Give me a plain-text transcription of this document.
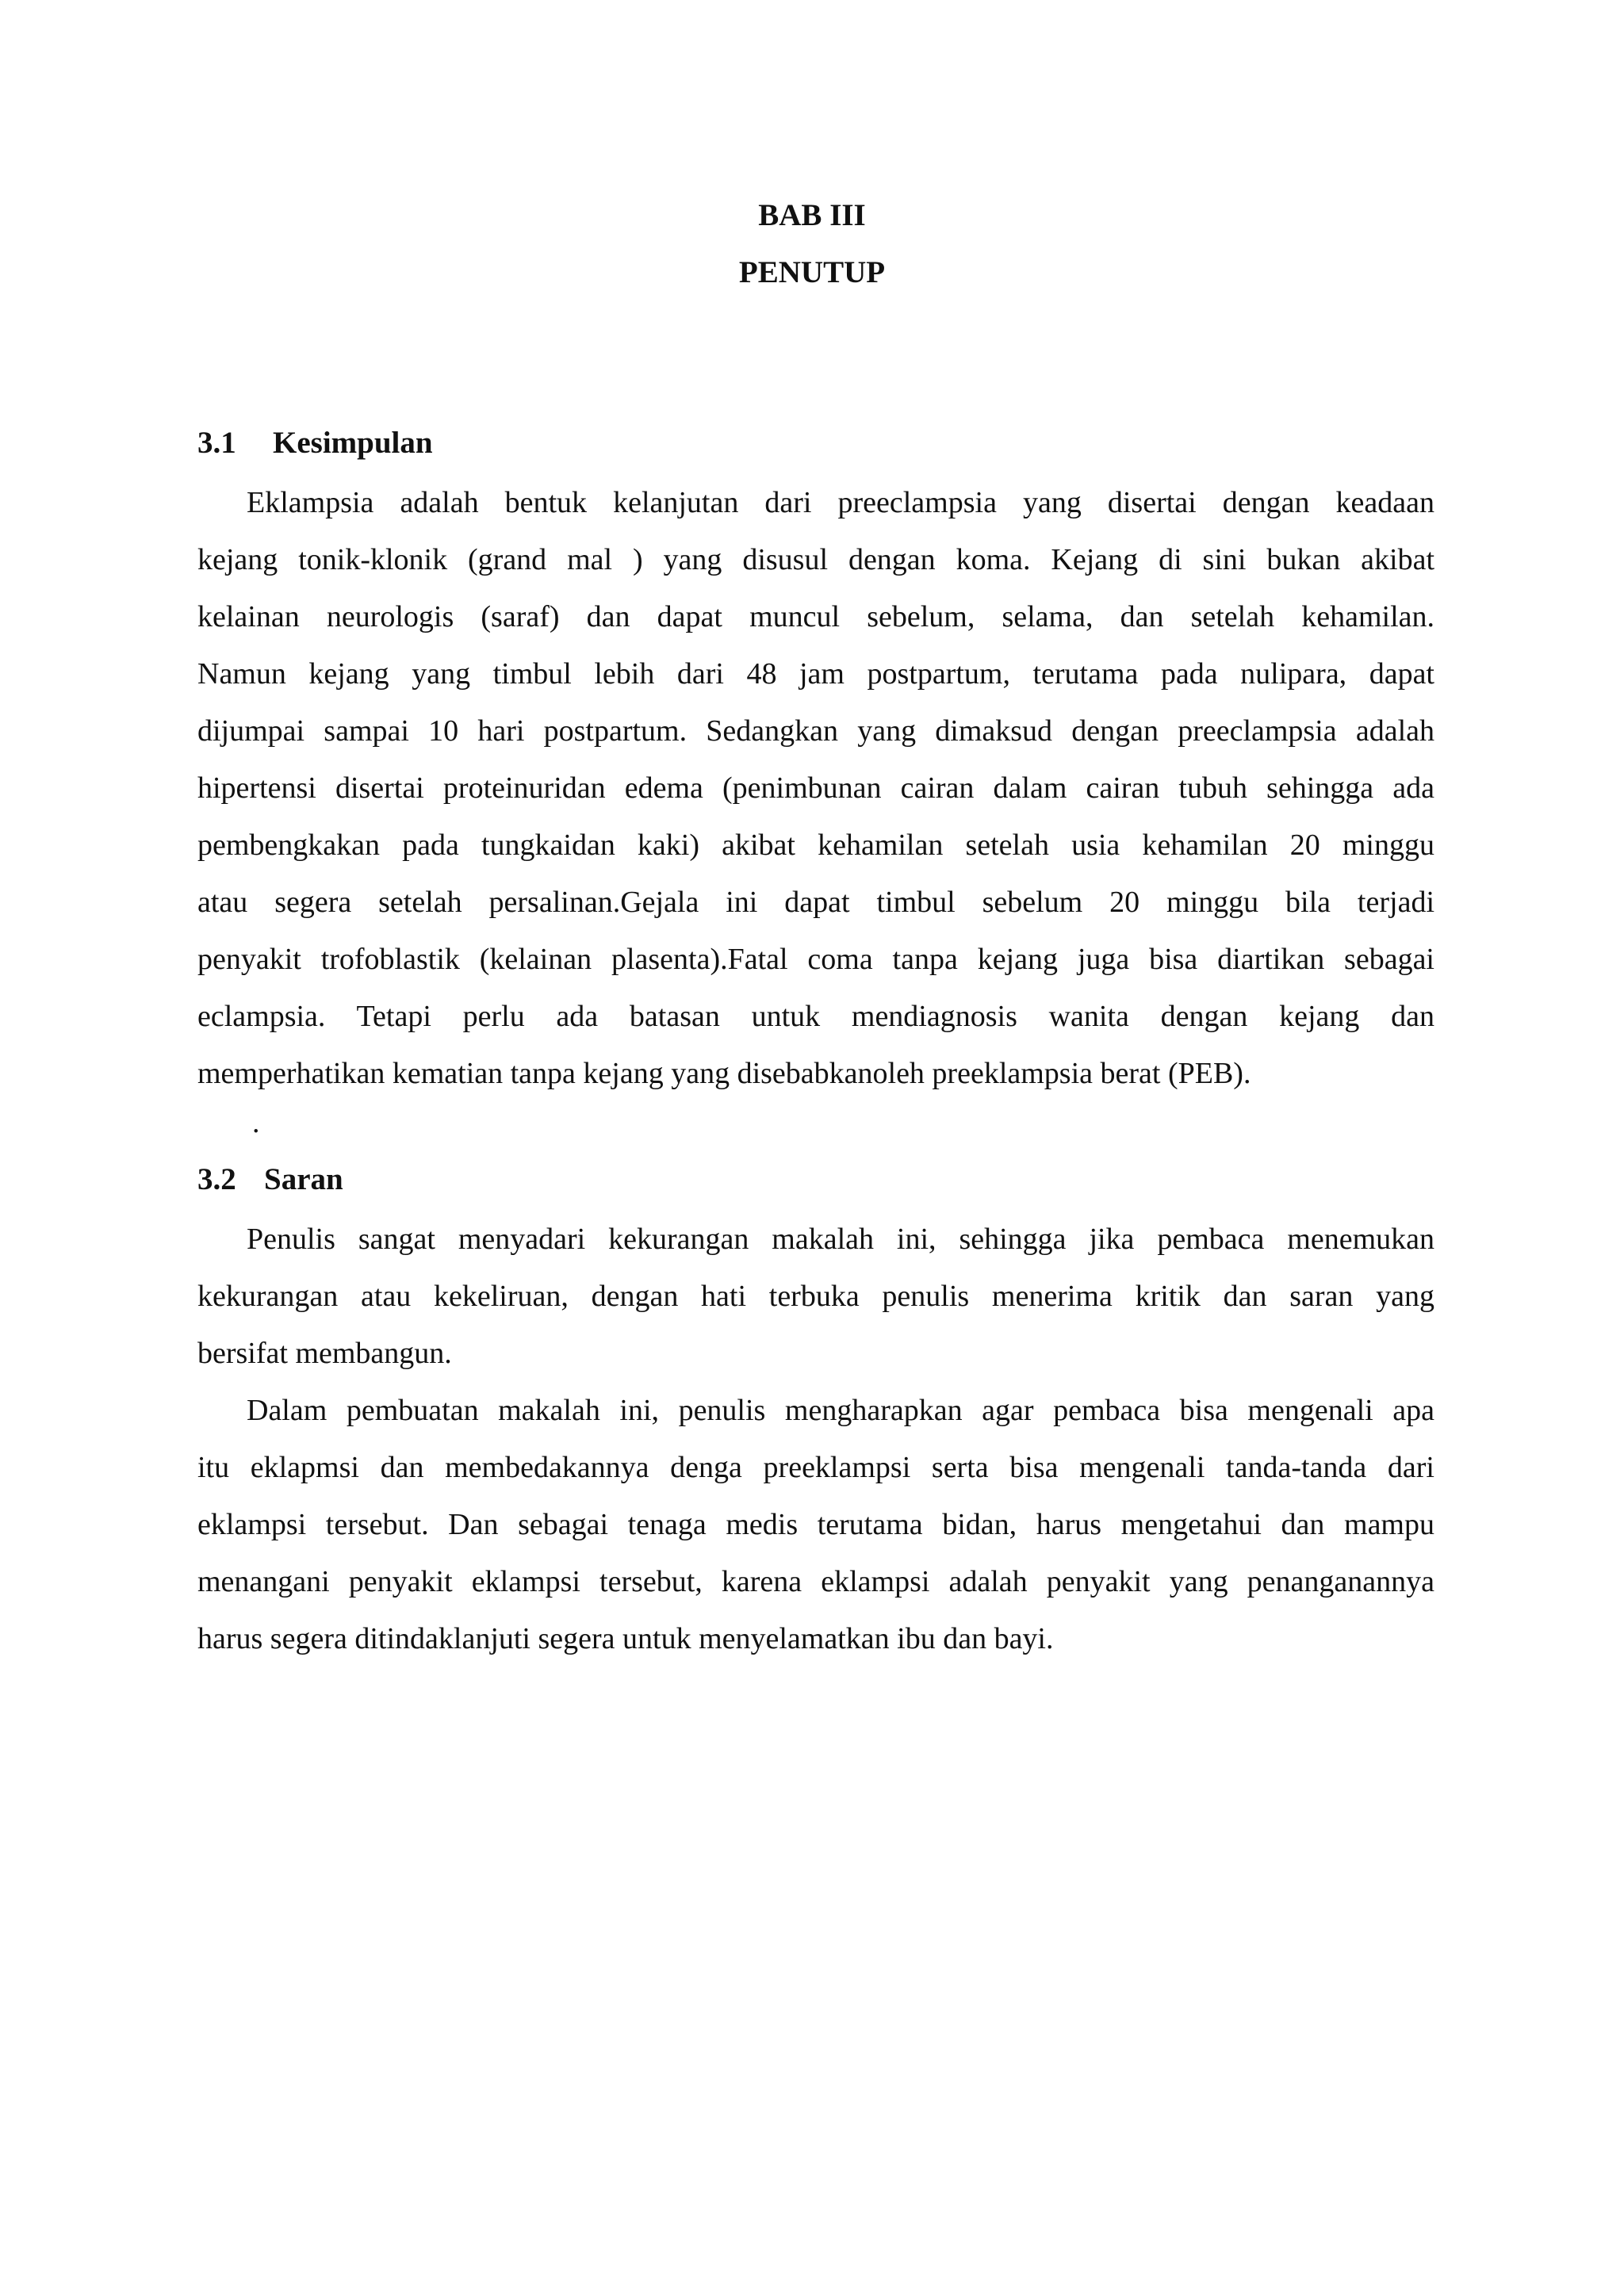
BAB III
PENUTUP
3.1 Kesimpulan

Eklampsia adalah bentuk kelanjutan dari preeclampsia yang disertai dengan keadaan
kejang tonik-klonik (grand mal ) yang disusul dengan koma. Kejang di sini bukan akibat
kelainan neurologis (saraf) dan dapat muncul sebelum, selama, dan setelah kehamilan.
Namun kejang yang timbul lebih dari 48 jam postpartum, terutama pada nulipara, dapat
dijumpai sampai 10 hari postpartum. Sedangkan yang dimaksud dengan preeclampsia adalah
hipertensi disertai proteinuridan edema (penimbunan cairan dalam cairan tubuh sehingga ada
pembengkakan pada tungkaidan kaki) akibat kehamilan setelah usia kehamilan 20 minggu
atau segera setelah persalinan.Gejala ini dapat timbul sebelum 20 minggu bila terjadi
penyakit trofoblastik (kelainan plasenta).Fatal coma tanpa kejang juga bisa diartikan sebagai
eclampsia. Tetapi perlu ada batasan untuk mendiagnosis wanita dengan kejang dan
memperhatikan kematian tanpa kejang yang disebabkanoleh preeklampsia berat (PEB).

.

3.2 Saran

Penulis sangat menyadari kekurangan makalah ini, sehingga jika pembaca menemukan
kekurangan atau kekeliruan, dengan hati terbuka penulis menerima kritik dan saran yang
bersifat membangun.

Dalam pembuatan makalah ini, penulis mengharapkan agar pembaca bisa mengenali apa
itu eklapmsi dan membedakannya denga preeklampsi serta bisa mengenali tanda-tanda dari
eklampsi tersebut. Dan sebagai tenaga medis terutama bidan, harus mengetahui dan mampu
menangani penyakit eklampsi tersebut, karena eklampsi adalah penyakit yang penanganannya
harus segera ditindaklanjuti segera untuk menyelamatkan ibu dan bayi.
